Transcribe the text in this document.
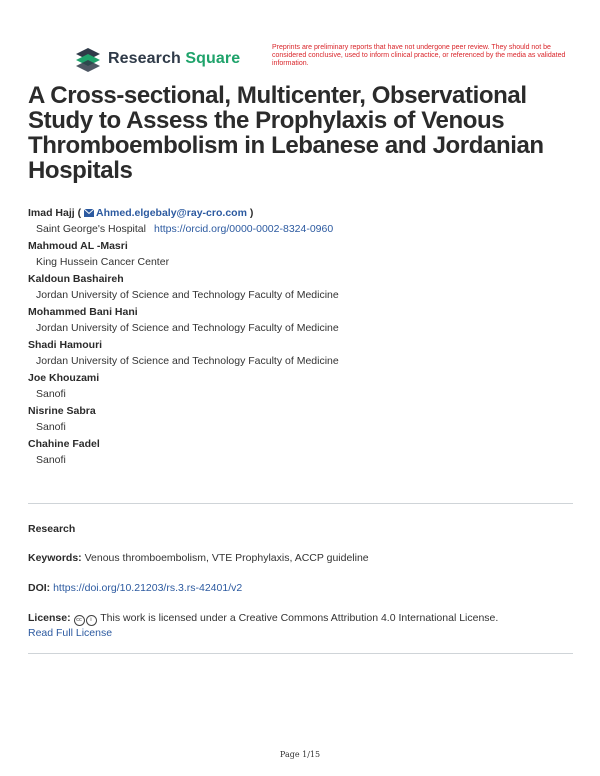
Research Square
Preprints are preliminary reports that have not undergone peer review. They should not be considered conclusive, used to inform clinical practice, or referenced by the media as validated information.
A Cross-sectional, Multicenter, Observational Study to Assess the Prophylaxis of Venous Thromboembolism in Lebanese and Jordanian Hospitals
Imad Hajj ( Ahmed.elgebaly@ray-cro.com )
Saint George's Hospital https://orcid.org/0000-0002-8324-0960
Mahmoud AL -Masri
King Hussein Cancer Center
Kaldoun Bashaireh
Jordan University of Science and Technology Faculty of Medicine
Mohammed Bani Hani
Jordan University of Science and Technology Faculty of Medicine
Shadi Hamouri
Jordan University of Science and Technology Faculty of Medicine
Joe Khouzami
Sanofi
Nisrine Sabra
Sanofi
Chahine Fadel
Sanofi
Research
Keywords: Venous thromboembolism, VTE Prophylaxis, ACCP guideline
DOI: https://doi.org/10.21203/rs.3.rs-42401/v2
License: cc i This work is licensed under a Creative Commons Attribution 4.0 International License.
Read Full License
Page 1/15
